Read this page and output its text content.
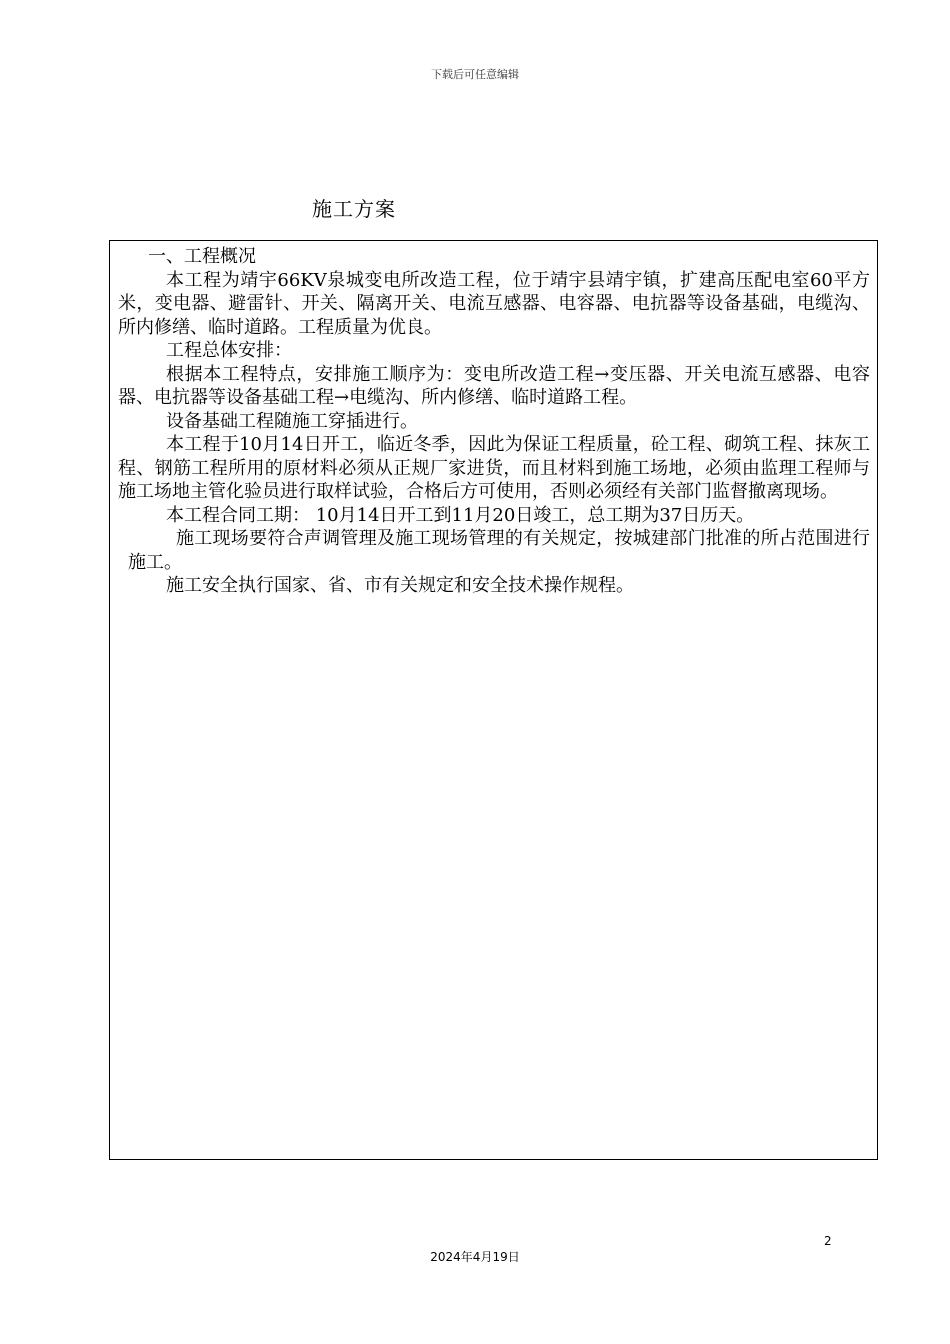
下载后可任意编辑
施工方案

一、工程概况

本工程为靖宇66KV泉城变电所改造工程，位于靖宇县靖宇镇，扩建高压配电室60平方米，变电器、避雷针、开关、隔离开关、电流互感器、电容器、电抗器等设备基础，电缆沟、所内修缮、临时道路。工程质量为优良。

工程总体安排：

根据本工程特点，安排施工顺序为：变电所改造工程→变压器、开关电流互感器、电容器、电抗器等设备基础工程→电缆沟、所内修缮、临时道路工程。

设备基础工程随施工穿插进行。

本工程于10月14日开工，临近冬季，因此为保证工程质量，砼工程、砌筑工程、抹灰工程、钢筋工程所用的原材料必须从正规厂家进货，而且材料到施工场地，必须由监理工程师与施工场地主管化验员进行取样试验，合格后方可使用，否则必须经有关部门监督撤离现场。

本工程合同工期： 10月14日开工到11月20日竣工，总工期为37日历天。

施工现场要符合声调管理及施工现场管理的有关规定，按城建部门批准的所占范围进行施工。

施工安全执行国家、省、市有关规定和安全技术操作规程。

2
2024年4月19日
